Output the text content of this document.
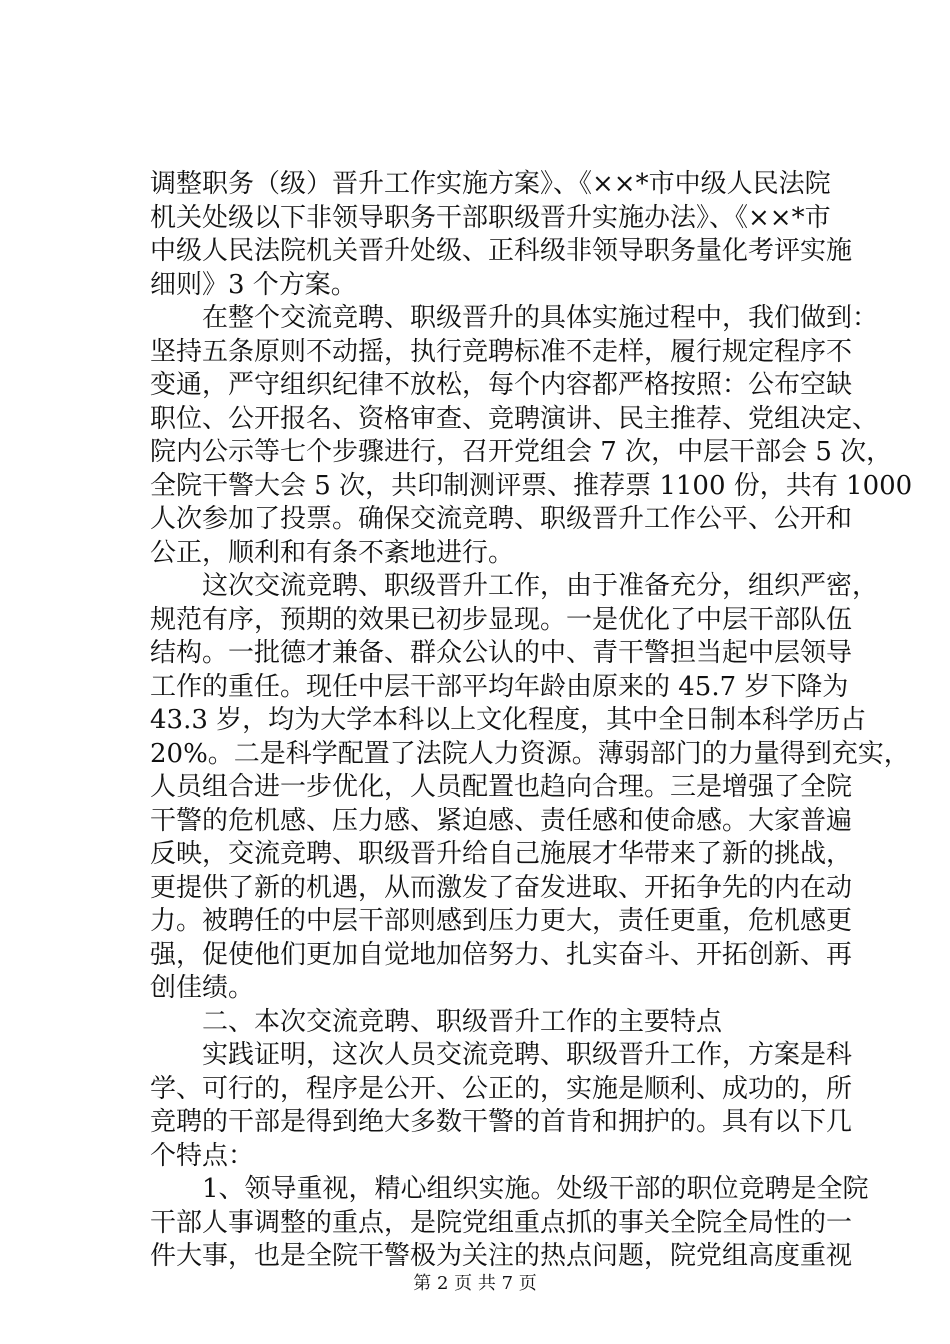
调整职务（级）晋升工作实施方案》、《××*市中级人民法院
机关处级以下非领导职务干部职级晋升实施办法》、《××*市
中级人民法院机关晋升处级、正科级非领导职务量化考评实施
细则》3 个方案。
　　在整个交流竞聘、职级晋升的具体实施过程中，我们做到：
坚持五条原则不动摇，执行竞聘标准不走样，履行规定程序不
变通，严守组织纪律不放松，每个内容都严格按照：公布空缺
职位、公开报名、资格审查、竞聘演讲、民主推荐、党组决定、
院内公示等七个步骤进行，召开党组会 7 次，中层干部会 5 次，
全院干警大会 5 次，共印制测评票、推荐票 1100 份，共有 1000
人次参加了投票。确保交流竞聘、职级晋升工作公平、公开和
公正，顺利和有条不紊地进行。
　　这次交流竞聘、职级晋升工作，由于准备充分，组织严密，
规范有序，预期的效果已初步显现。一是优化了中层干部队伍
结构。一批德才兼备、群众公认的中、青干警担当起中层领导
工作的重任。现任中层干部平均年龄由原来的 45.7 岁下降为
43.3 岁，均为大学本科以上文化程度，其中全日制本科学历占
20%。二是科学配置了法院人力资源。薄弱部门的力量得到充实，
人员组合进一步优化，人员配置也趋向合理。三是增强了全院
干警的危机感、压力感、紧迫感、责任感和使命感。大家普遍
反映，交流竞聘、职级晋升给自己施展才华带来了新的挑战，
更提供了新的机遇，从而激发了奋发进取、开拓争先的内在动
力。被聘任的中层干部则感到压力更大，责任更重，危机感更
强，促使他们更加自觉地加倍努力、扎实奋斗、开拓创新、再
创佳绩。
　　二、本次交流竞聘、职级晋升工作的主要特点
　　实践证明，这次人员交流竞聘、职级晋升工作，方案是科
学、可行的，程序是公开、公正的，实施是顺利、成功的，所
竞聘的干部是得到绝大多数干警的首肯和拥护的。具有以下几
个特点：
　　1、领导重视，精心组织实施。处级干部的职位竞聘是全院
干部人事调整的重点，是院党组重点抓的事关全院全局性的一
件大事，也是全院干警极为关注的热点问题，院党组高度重视
第 2 页 共 7 页
